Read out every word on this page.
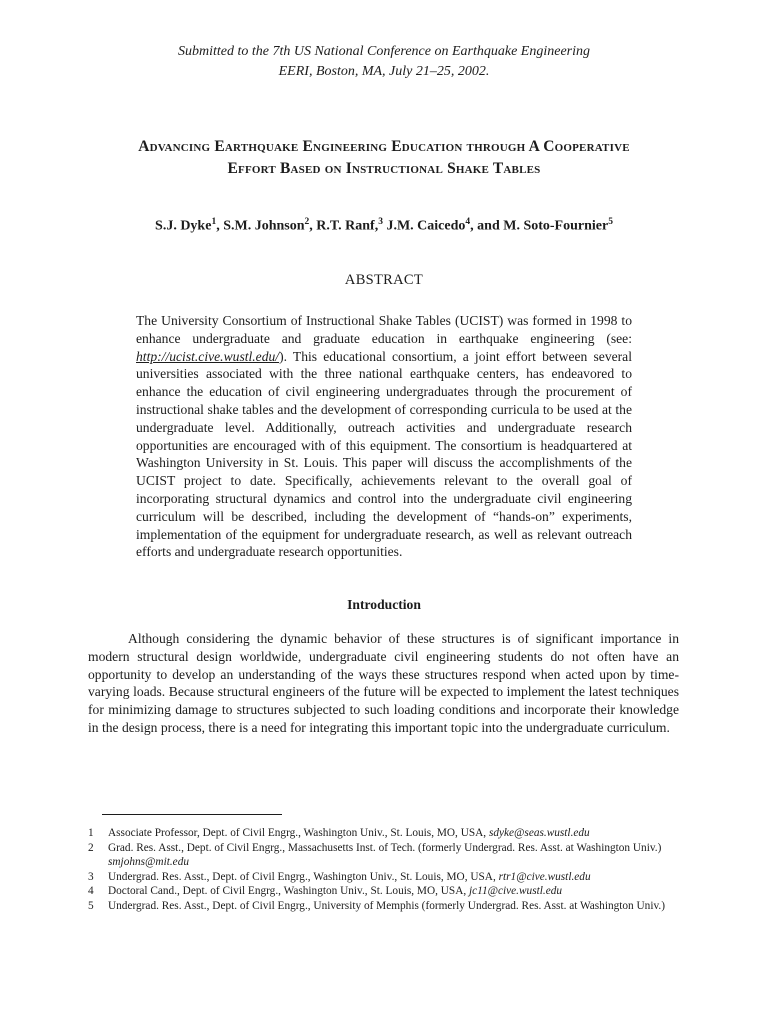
Submitted to the 7th US National Conference on Earthquake Engineering
EERI, Boston, MA, July 21–25, 2002.
Advancing Earthquake Engineering Education through A Cooperative
Effort Based on Instructional Shake Tables
S.J. Dyke$^1$, S.M. Johnson$^2$, R.T. Ranf,$^3$ J.M. Caicedo$^4$, and M. Soto-Fournier$^5$
ABSTRACT
The University Consortium of Instructional Shake Tables (UCIST) was formed in 1998 to enhance undergraduate and graduate education in earthquake engineering (see: http://ucist.cive.wustl.edu/). This educational consortium, a joint effort between several universities associated with the three national earthquake centers, has endeavored to enhance the education of civil engineering undergraduates through the procurement of instructional shake tables and the development of corresponding curricula to be used at the undergraduate level. Additionally, outreach activities and undergraduate research opportunities are encouraged with of this equipment. The consortium is headquartered at Washington University in St. Louis. This paper will discuss the accomplishments of the UCIST project to date. Specifically, achievements relevant to the overall goal of incorporating structural dynamics and control into the undergraduate civil engineering curriculum will be described, including the development of “hands-on” experiments, implementation of the equipment for undergraduate research, as well as relevant outreach efforts and undergraduate research opportunities.
Introduction
Although considering the dynamic behavior of these structures is of significant importance in modern structural design worldwide, undergraduate civil engineering students do not often have an opportunity to develop an understanding of the ways these structures respond when acted upon by time-varying loads. Because structural engineers of the future will be expected to implement the latest techniques for minimizing damage to structures subjected to such loading conditions and incorporate their knowledge in the design process, there is a need for integrating this important topic into the undergraduate curriculum.
1	Associate Professor, Dept. of Civil Engrg., Washington Univ., St. Louis, MO, USA, sdyke@seas.wustl.edu
2	Grad. Res. Asst., Dept. of Civil Engrg., Massachusetts Inst. of Tech. (formerly Undergrad. Res. Asst. at Washington Univ.) smjohns@mit.edu
3	Undergrad. Res. Asst., Dept. of Civil Engrg., Washington Univ., St. Louis, MO, USA, rtr1@cive.wustl.edu
4	Doctoral Cand., Dept. of Civil Engrg., Washington Univ., St. Louis, MO, USA, jc11@cive.wustl.edu
5	Undergrad. Res. Asst., Dept. of Civil Engrg., University of Memphis (formerly Undergrad. Res. Asst. at Washington Univ.)
